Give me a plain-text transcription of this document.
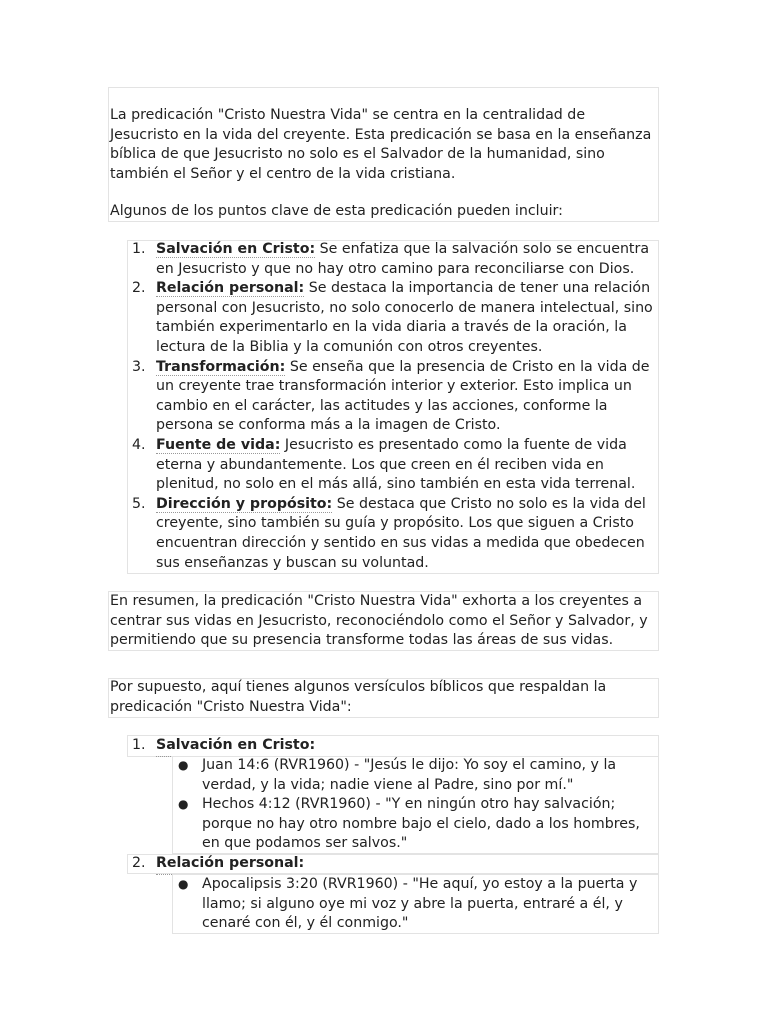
La predicación "Cristo Nuestra Vida" se centra en la centralidad de Jesucristo en la vida del creyente. Esta predicación se basa en la enseñanza bíblica de que Jesucristo no solo es el Salvador de la humanidad, sino también el Señor y el centro de la vida cristiana.
Algunos de los puntos clave de esta predicación pueden incluir:
1. Salvación en Cristo: Se enfatiza que la salvación solo se encuentra en Jesucristo y que no hay otro camino para reconciliarse con Dios.
2. Relación personal: Se destaca la importancia de tener una relación personal con Jesucristo, no solo conocerlo de manera intelectual, sino también experimentarlo en la vida diaria a través de la oración, la lectura de la Biblia y la comunión con otros creyentes.
3. Transformación: Se enseña que la presencia de Cristo en la vida de un creyente trae transformación interior y exterior. Esto implica un cambio en el carácter, las actitudes y las acciones, conforme la persona se conforma más a la imagen de Cristo.
4. Fuente de vida: Jesucristo es presentado como la fuente de vida eterna y abundantemente. Los que creen en él reciben vida en plenitud, no solo en el más allá, sino también en esta vida terrenal.
5. Dirección y propósito: Se destaca que Cristo no solo es la vida del creyente, sino también su guía y propósito. Los que siguen a Cristo encuentran dirección y sentido en sus vidas a medida que obedecen sus enseñanzas y buscan su voluntad.
En resumen, la predicación "Cristo Nuestra Vida" exhorta a los creyentes a centrar sus vidas en Jesucristo, reconociéndolo como el Señor y Salvador, y permitiendo que su presencia transforme todas las áreas de sus vidas.
Por supuesto, aquí tienes algunos versículos bíblicos que respaldan la predicación "Cristo Nuestra Vida":
1. Salvación en Cristo:
● Juan 14:6 (RVR1960) - "Jesús le dijo: Yo soy el camino, y la verdad, y la vida; nadie viene al Padre, sino por mí."
● Hechos 4:12 (RVR1960) - "Y en ningún otro hay salvación; porque no hay otro nombre bajo el cielo, dado a los hombres, en que podamos ser salvos."
2. Relación personal:
● Apocalipsis 3:20 (RVR1960) - "He aquí, yo estoy a la puerta y llamo; si alguno oye mi voz y abre la puerta, entraré a él, y cenaré con él, y él conmigo."
